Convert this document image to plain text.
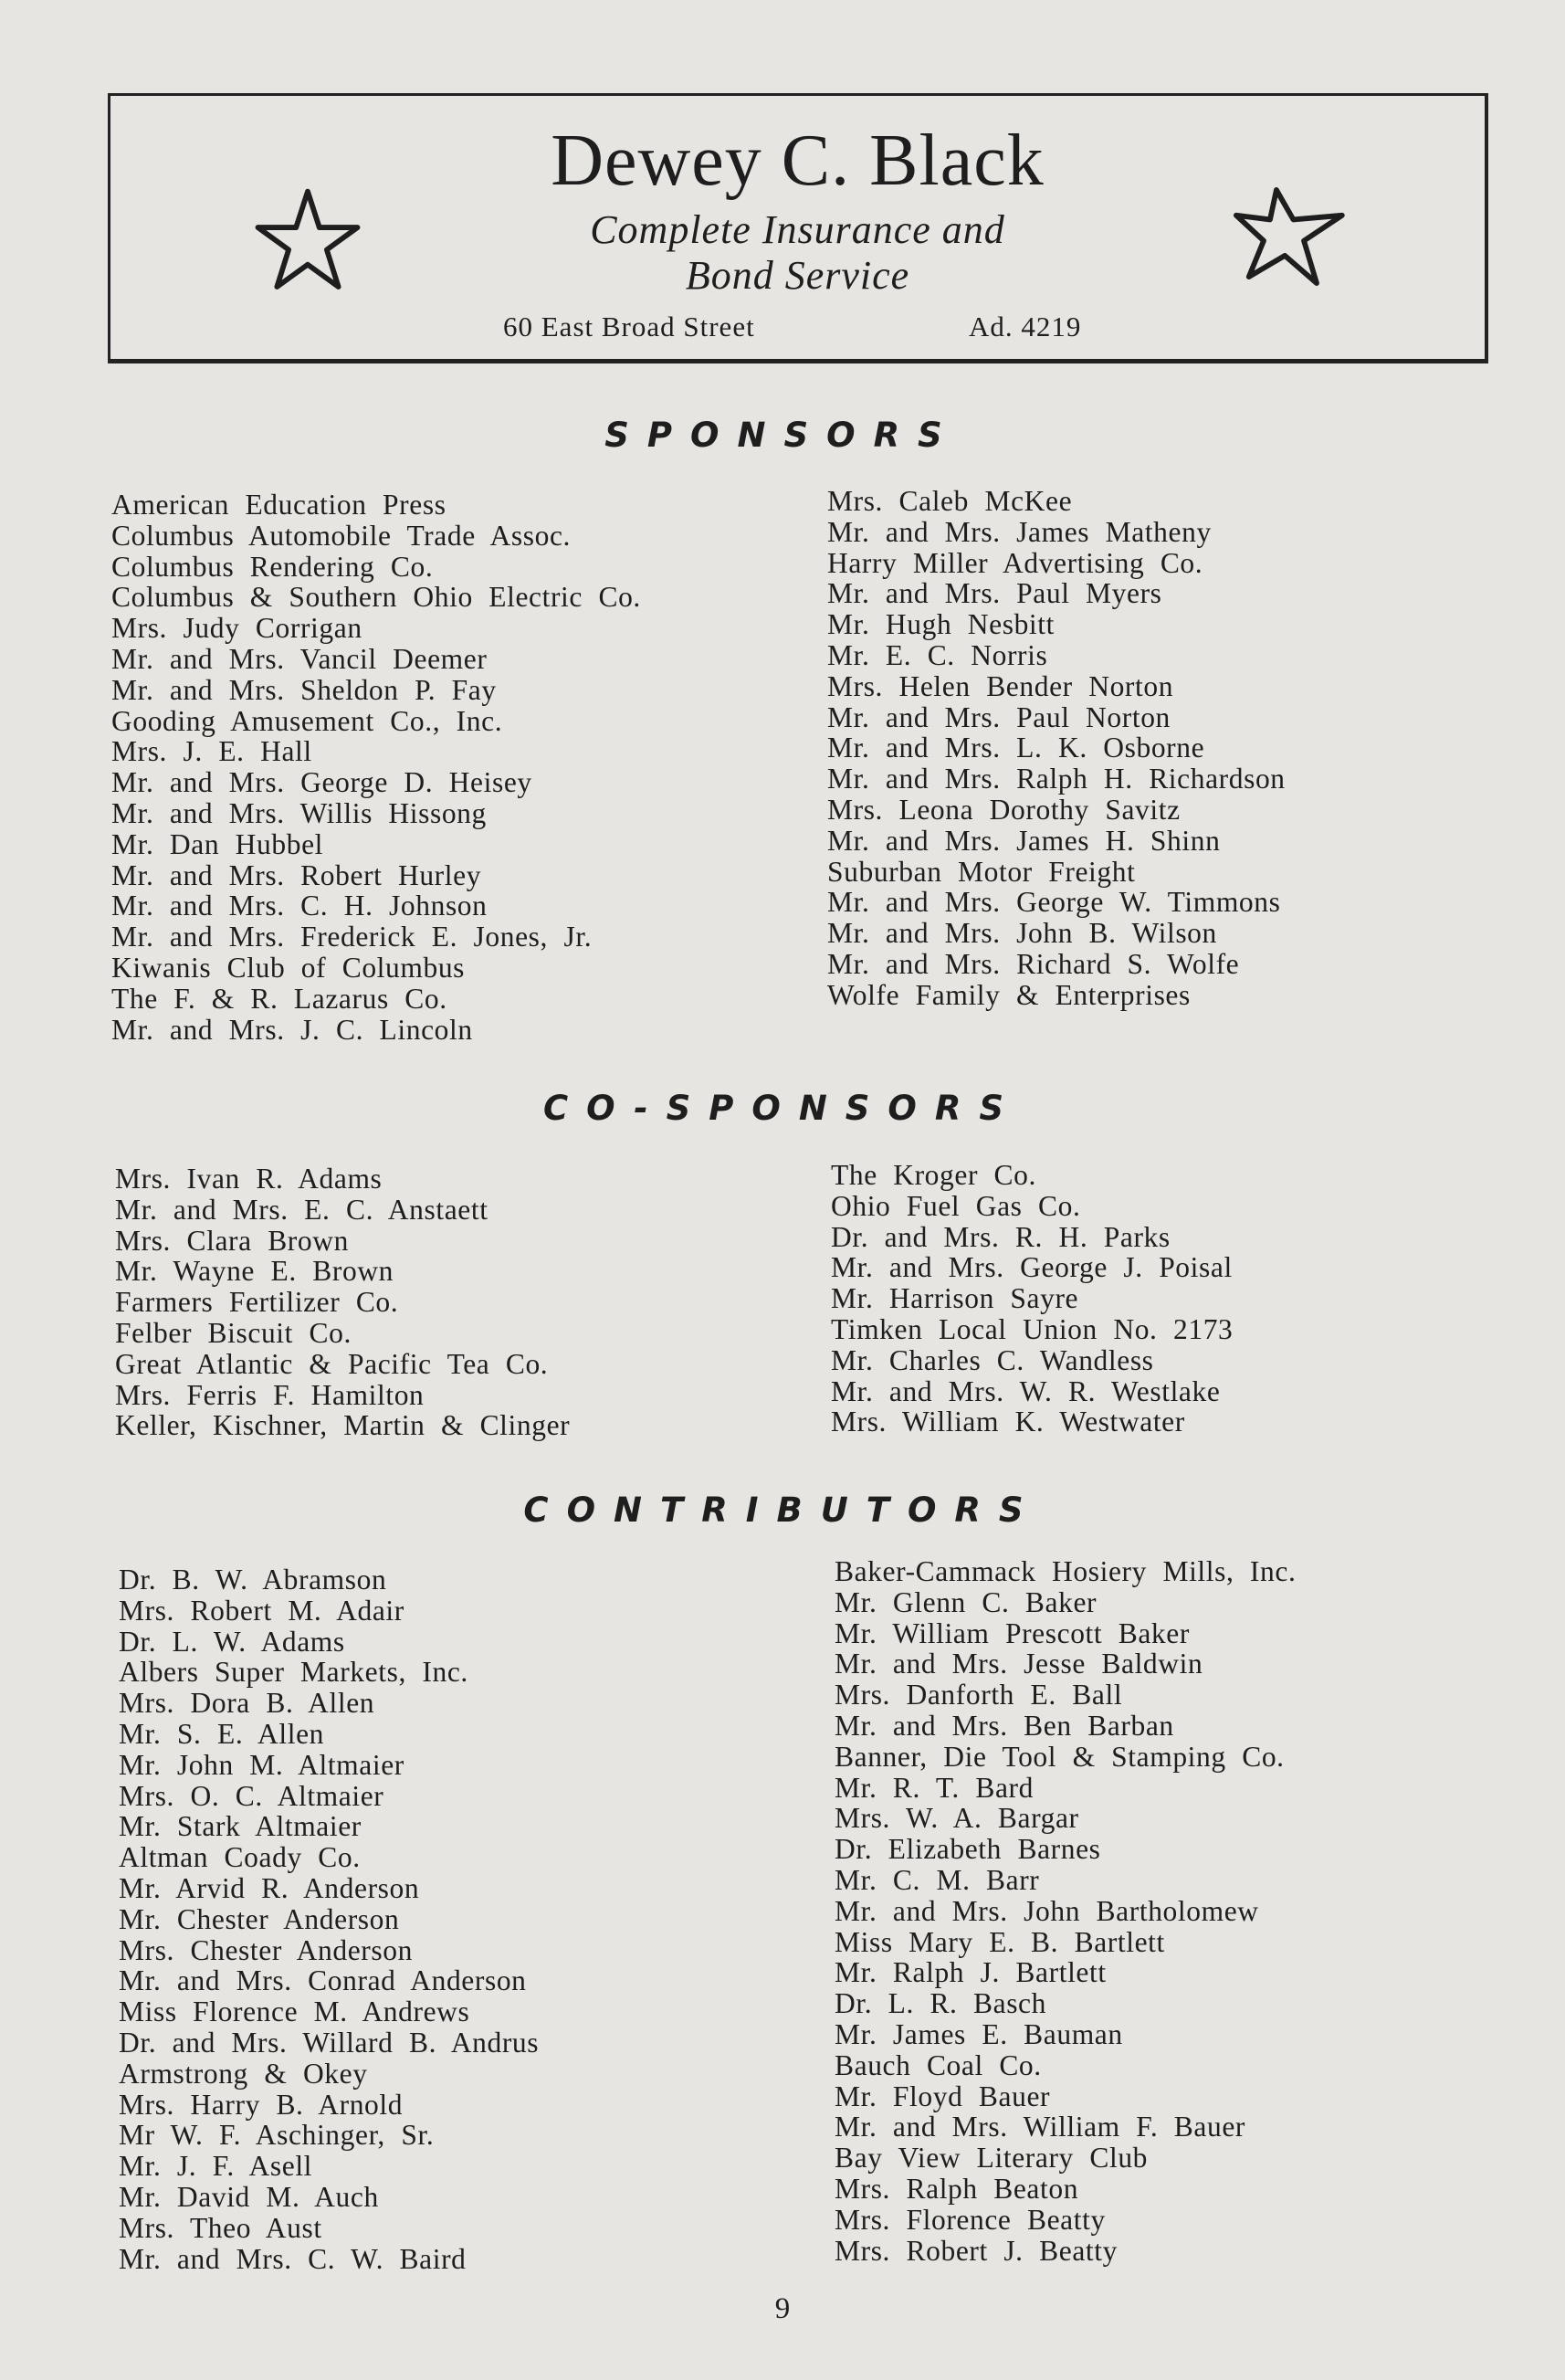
Dewey C. Black
Complete Insurance and
Bond Service
60 East Broad Street	Ad. 4219
SPONSORS
American Education Press
Columbus Automobile Trade Assoc.
Columbus Rendering Co.
Columbus & Southern Ohio Electric Co.
Mrs. Judy Corrigan
Mr. and Mrs. Vancil Deemer
Mr. and Mrs. Sheldon P. Fay
Gooding Amusement Co., Inc.
Mrs. J. E. Hall
Mr. and Mrs. George D. Heisey
Mr. and Mrs. Willis Hissong
Mr. Dan Hubbel
Mr. and Mrs. Robert Hurley
Mr. and Mrs. C. H. Johnson
Mr. and Mrs. Frederick E. Jones, Jr.
Kiwanis Club of Columbus
The F. & R. Lazarus Co.
Mr. and Mrs. J. C. Lincoln
Mrs. Caleb McKee
Mr. and Mrs. James Matheny
Harry Miller Advertising Co.
Mr. and Mrs. Paul Myers
Mr. Hugh Nesbitt
Mr. E. C. Norris
Mrs. Helen Bender Norton
Mr. and Mrs. Paul Norton
Mr. and Mrs. L. K. Osborne
Mr. and Mrs. Ralph H. Richardson
Mrs. Leona Dorothy Savitz
Mr. and Mrs. James H. Shinn
Suburban Motor Freight
Mr. and Mrs. George W. Timmons
Mr. and Mrs. John B. Wilson
Mr. and Mrs. Richard S. Wolfe
Wolfe Family & Enterprises
CO-SPONSORS
Mrs. Ivan R. Adams
Mr. and Mrs. E. C. Anstaett
Mrs. Clara Brown
Mr. Wayne E. Brown
Farmers Fertilizer Co.
Felber Biscuit Co.
Great Atlantic & Pacific Tea Co.
Mrs. Ferris F. Hamilton
Keller, Kischner, Martin & Clinger
The Kroger Co.
Ohio Fuel Gas Co.
Dr. and Mrs. R. H. Parks
Mr. and Mrs. George J. Poisal
Mr. Harrison Sayre
Timken Local Union No. 2173
Mr. Charles C. Wandless
Mr. and Mrs. W. R. Westlake
Mrs. William K. Westwater
CONTRIBUTORS
Dr. B. W. Abramson
Mrs. Robert M. Adair
Dr. L. W. Adams
Albers Super Markets, Inc.
Mrs. Dora B. Allen
Mr. S. E. Allen
Mr. John M. Altmaier
Mrs. O. C. Altmaier
Mr. Stark Altmaier
Altman Coady Co.
Mr. Arvid R. Anderson
Mr. Chester Anderson
Mrs. Chester Anderson
Mr. and Mrs. Conrad Anderson
Miss Florence M. Andrews
Dr. and Mrs. Willard B. Andrus
Armstrong & Okey
Mrs. Harry B. Arnold
Mr W. F. Aschinger, Sr.
Mr. J. F. Asell
Mr. David M. Auch
Mrs. Theo Aust
Mr. and Mrs. C. W. Baird
Baker-Cammack Hosiery Mills, Inc.
Mr. Glenn C. Baker
Mr. William Prescott Baker
Mr. and Mrs. Jesse Baldwin
Mrs. Danforth E. Ball
Mr. and Mrs. Ben Barban
Banner, Die Tool & Stamping Co.
Mr. R. T. Bard
Mrs. W. A. Bargar
Dr. Elizabeth Barnes
Mr. C. M. Barr
Mr. and Mrs. John Bartholomew
Miss Mary E. B. Bartlett
Mr. Ralph J. Bartlett
Dr. L. R. Basch
Mr. James E. Bauman
Bauch Coal Co.
Mr. Floyd Bauer
Mr. and Mrs. William F. Bauer
Bay View Literary Club
Mrs. Ralph Beaton
Mrs. Florence Beatty
Mrs. Robert J. Beatty
9
